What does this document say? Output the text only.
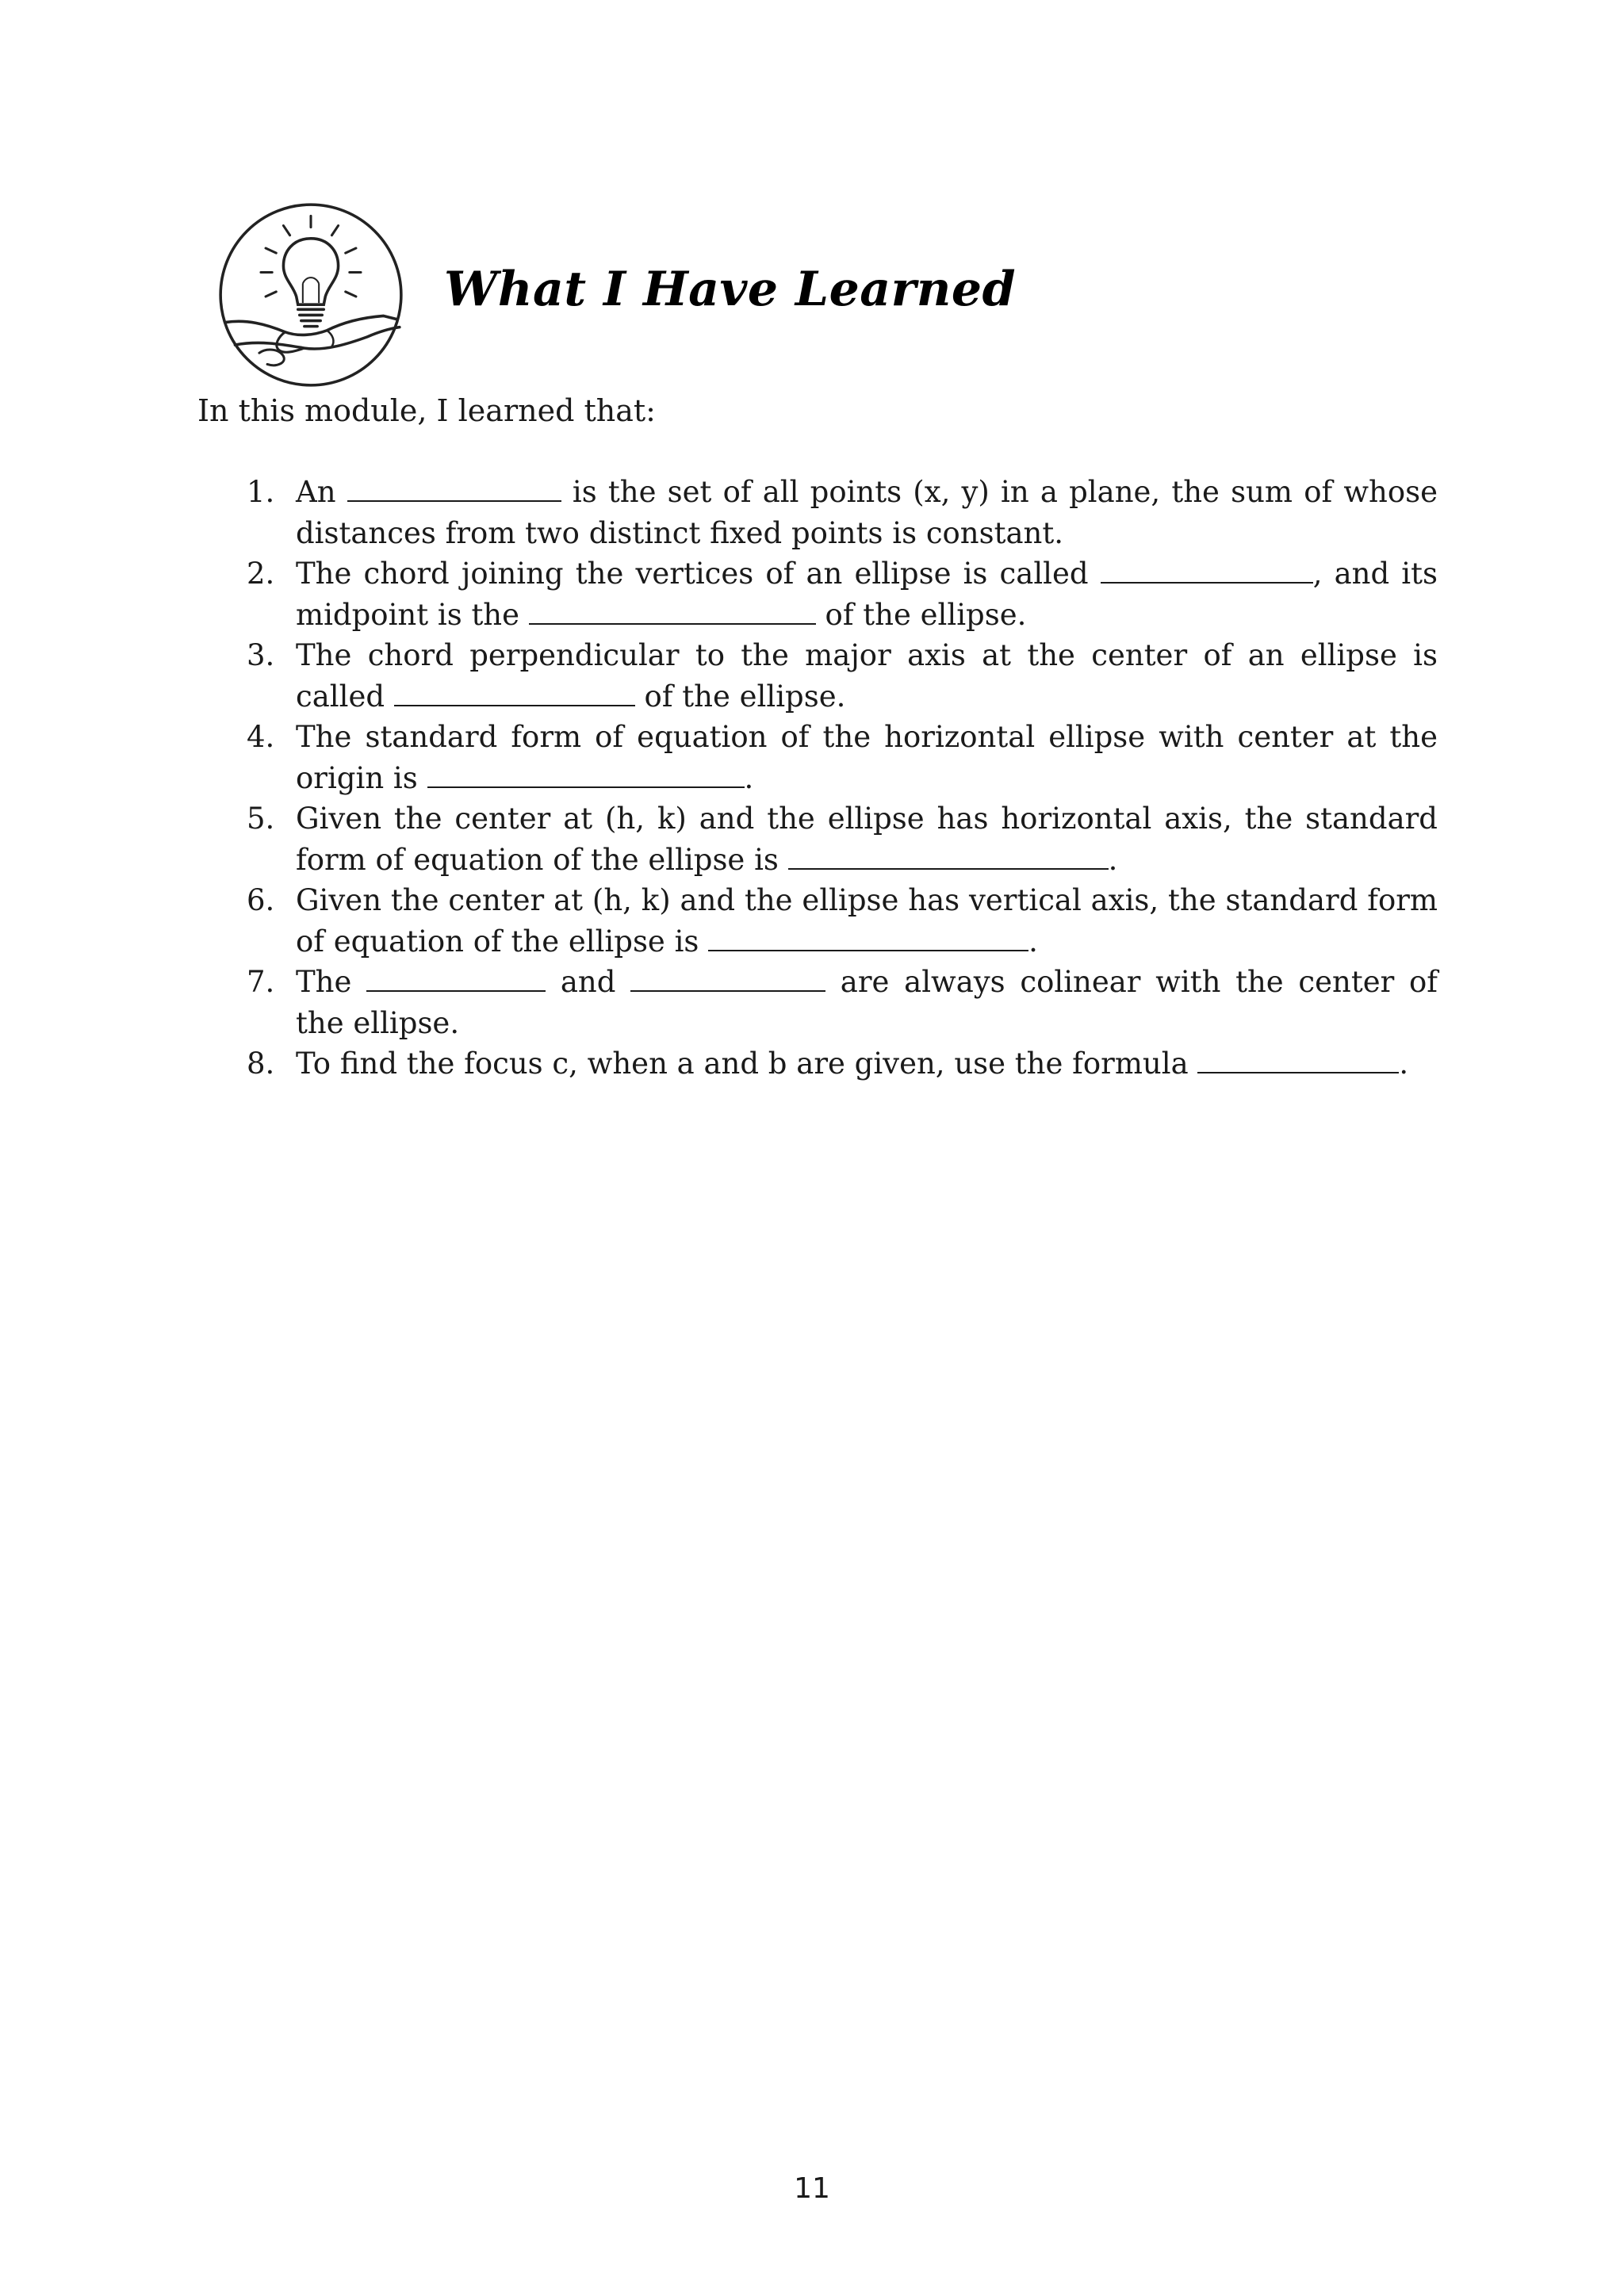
What I Have Learned

In this module, I learned that:

1. An	is the set of all points (x, y) in a plane, the sum of whose distances from two distinct fixed points is constant.
2. The chord joining the vertices of an ellipse is called	, and its midpoint is the	of the ellipse.
3. The chord perpendicular to the major axis at the center of an ellipse is called	of the ellipse.
4. The standard form of equation of the horizontal ellipse with center at the origin is	.
5. Given the center at (h, k) and the ellipse has horizontal axis, the standard form of equation of the ellipse is	.
6. Given the center at (h, k) and the ellipse has vertical axis, the standard form of equation of the ellipse is	.
7. The	and	are always colinear with the center of the ellipse.
8. To find the focus c, when a and b are given, use the formula	.
11
